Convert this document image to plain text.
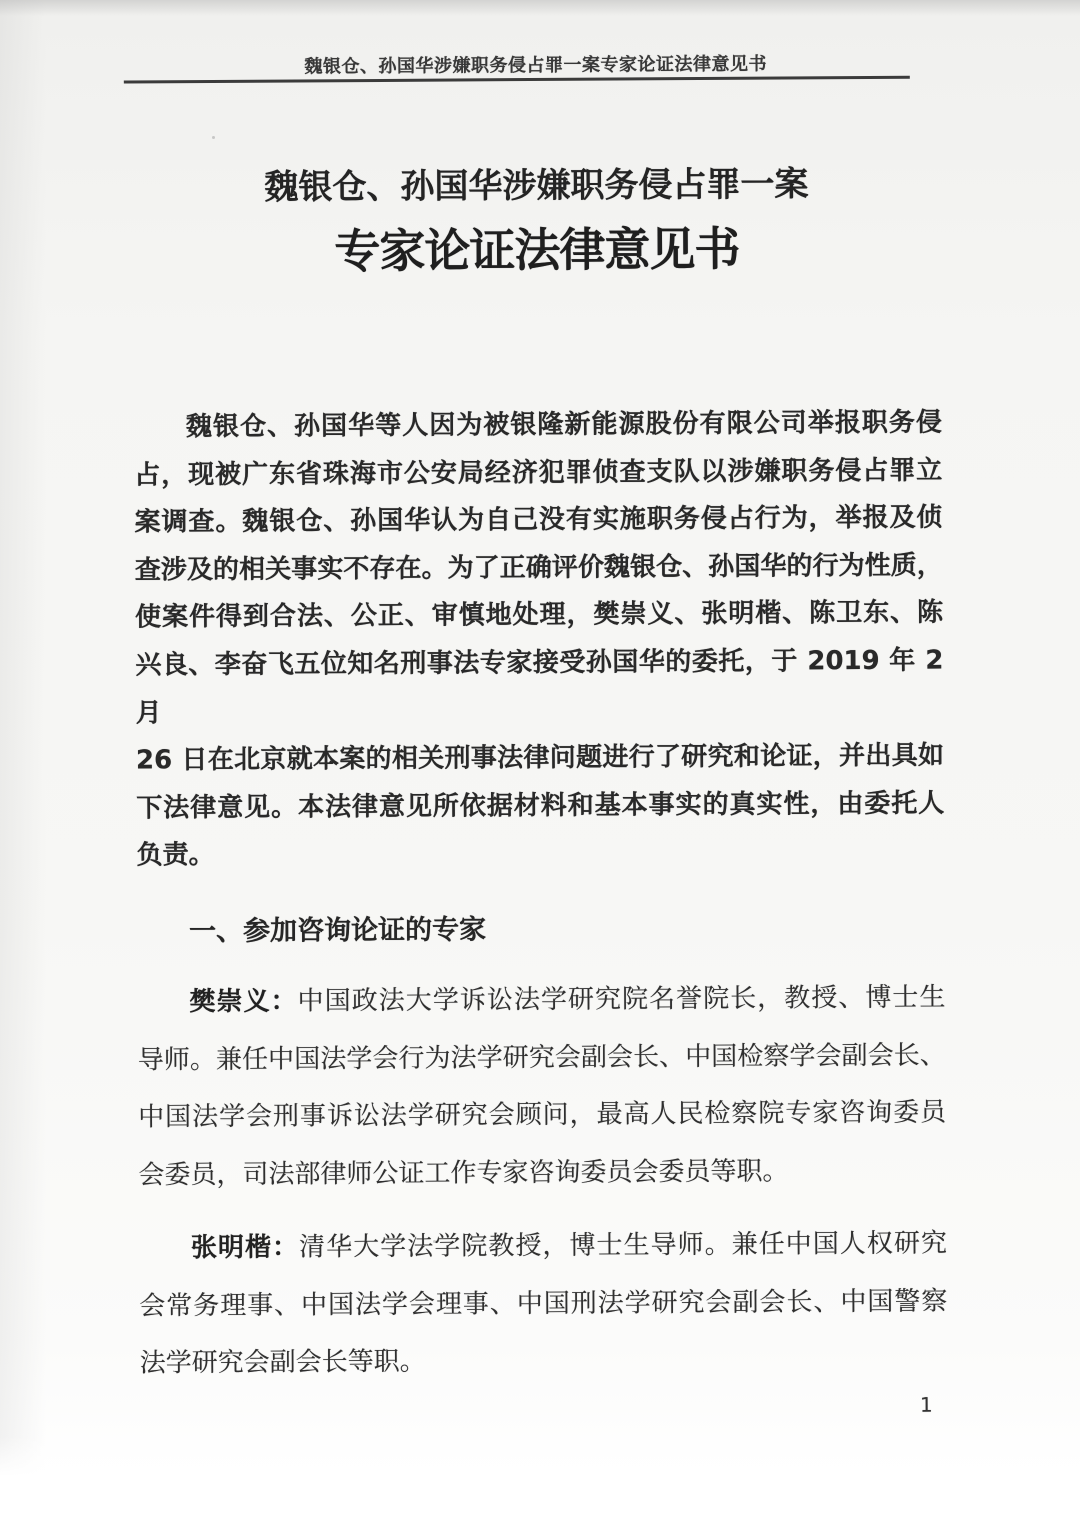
魏银仓、孙国华涉嫌职务侵占罪一案专家论证法律意见书
魏银仓、孙国华涉嫌职务侵占罪一案
专家论证法律意见书
魏银仓、孙国华等人因为被银隆新能源股份有限公司举报职务侵
占，现被广东省珠海市公安局经济犯罪侦查支队以涉嫌职务侵占罪立
案调查。魏银仓、孙国华认为自己没有实施职务侵占行为，举报及侦
查涉及的相关事实不存在。为了正确评价魏银仓、孙国华的行为性质，
使案件得到合法、公正、审慎地处理，樊崇义、张明楷、陈卫东、陈
兴良、李奋飞五位知名刑事法专家接受孙国华的委托，于 2019 年 2 月
26 日在北京就本案的相关刑事法律问题进行了研究和论证，并出具如
下法律意见。本法律意见所依据材料和基本事实的真实性，由委托人
负责。
一、参加咨询论证的专家
樊崇义：中国政法大学诉讼法学研究院名誉院长，教授、博士生
导师。兼任中国法学会行为法学研究会副会长、中国检察学会副会长、
中国法学会刑事诉讼法学研究会顾问，最高人民检察院专家咨询委员
会委员，司法部律师公证工作专家咨询委员会委员等职。
张明楷：清华大学法学院教授，博士生导师。兼任中国人权研究
会常务理事、中国法学会理事、中国刑法学研究会副会长、中国警察
法学研究会副会长等职。
1
